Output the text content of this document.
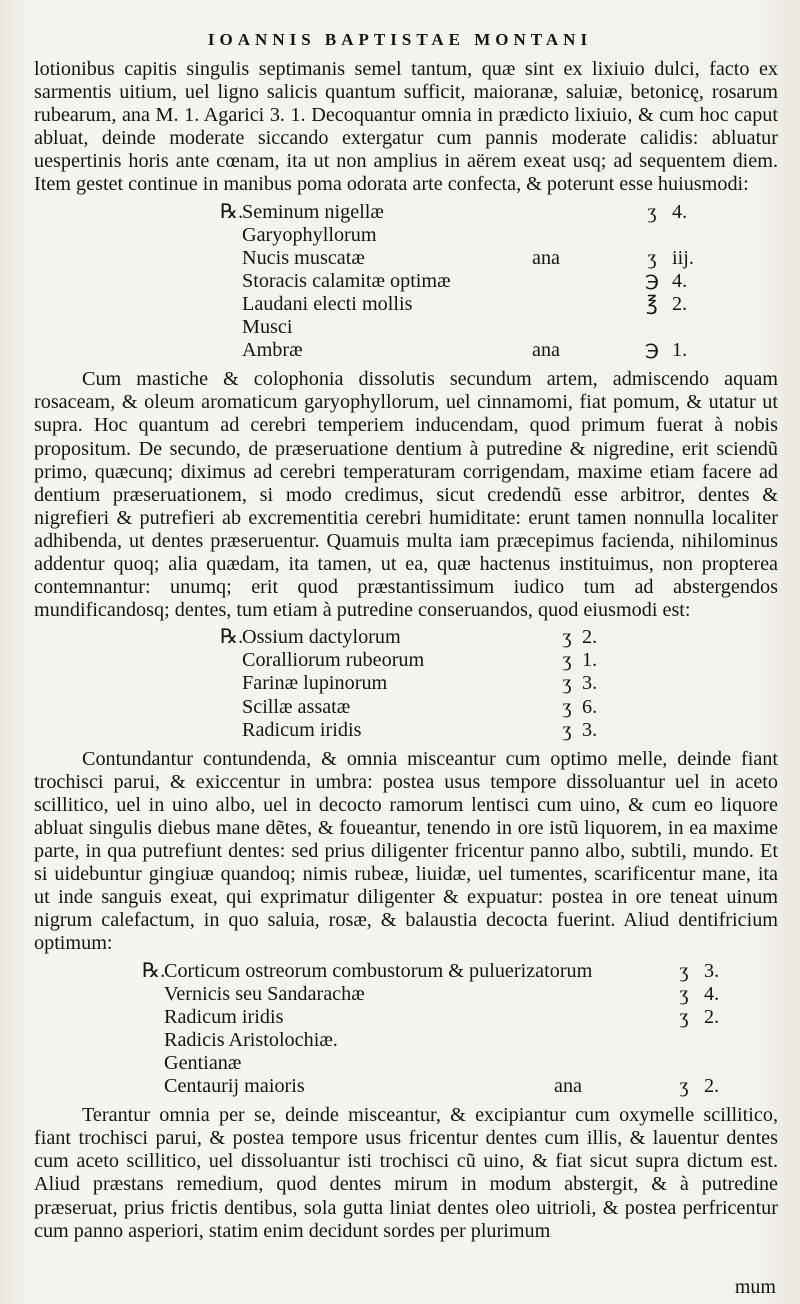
IOANNIS BAPTISTAE MONTANI

lotionibus capitis singulis septimanis semel tantum, quæ sint ex lixiuio dulci, facto ex sarmentis uitium, uel ligno salicis quantum sufficit, maioranæ, saluiæ, betonicę, rosarum rubearum, ana M. 1. Agarici 3. 1. Decoquantur omnia in prædicto lixiuio, & cum hoc caput abluat, deinde moderate siccando extergatur cum pannis moderate calidis: abluatur uespertinis horis ante cœnam, ita ut non amplius in aërem exeat usq; ad sequentem diem. Item gestet continue in manibus poma odorata arte confecta, & poterunt esse huiusmodi:

℞.
Seminum nigellæ	ʒ 4.
Garyophyllorum
Nucis muscatæ	ana	ʒ iij.
Storacis calamitæ optimæ	℈ 4.
Laudani electi mollis	℥ 2.
Musci
Ambræ	ana	℈ 1.

Cum mastiche & colophonia dissolutis secundum artem, admiscendo aquam rosaceam, & oleum aromaticum garyophyllorum, uel cinnamomi, fiat pomum, & utatur ut supra. Hoc quantum ad cerebri temperiem inducendam, quod primum fuerat à nobis propositum. De secundo, de præseruatione dentium à putredine & nigredine, erit sciendũ primo, quæcunq; diximus ad cerebri temperaturam corrigendam, maxime etiam facere ad dentium præseruationem, si modo credimus, sicut credendũ esse arbitror, dentes & nigrefieri & putrefieri ab excrementitia cerebri humiditate: erunt tamen nonnulla localiter adhibenda, ut dentes præseruentur. Quamuis multa iam præcepimus facienda, nihilominus addentur quoq; alia quædam, ita tamen, ut ea, quæ hactenus instituimus, non propterea contemnantur: unumq; erit quod præstantissimum iudico tum ad abstergendos mundificandosq; dentes, tum etiam à putredine conseruandos, quod eiusmodi est:

℞.
Ossium dactylorum	ʒ 2.
Coralliorum rubeorum	ʒ 1.
Farinæ lupinorum	ʒ 3.
Scillæ assatæ	ʒ 6.
Radicum iridis	ʒ 3.

Contundantur contundenda, & omnia misceantur cum optimo melle, deinde fiant trochisci parui, & exiccentur in umbra: postea usus tempore dissoluantur uel in aceto scillitico, uel in uino albo, uel in decocto ramorum lentisci cum uino, & cum eo liquore abluat singulis diebus mane dẽtes, & foueantur, tenendo in ore istũ liquorem, in ea maxime parte, in qua putrefiunt dentes: sed prius diligenter fricentur panno albo, subtili, mundo. Et si uidebuntur gingiuæ quandoq; nimis rubeæ, liuidæ, uel tumentes, scarificentur mane, ita ut inde sanguis exeat, qui exprimatur diligenter & expuatur: postea in ore teneat uinum nigrum calefactum, in quo saluia, rosæ, & balaustia decocta fuerint. Aliud dentifricium optimum:

℞.
Corticum ostreorum combustorum & puluerizatorum	ʒ 3.
Vernicis seu Sandarachæ	ʒ 4.
Radicum iridis	ʒ 2.
Radicis Aristolochiæ.
Gentianæ
Centaurij maioris	ana	ʒ 2.

Terantur omnia per se, deinde misceantur, & excipiantur cum oxymelle scillitico, fiant trochisci parui, & postea tempore usus fricentur dentes cum illis, & lauentur dentes cum aceto scillitico, uel dissoluantur isti trochisci cũ uino, & fiat sicut supra dictum est. Aliud præstans remedium, quod dentes mirum in modum abstergit, & à putredine præseruat, prius frictis dentibus, sola gutta liniat dentes oleo uitrioli, & postea perfricentur cum panno asperiori, statim enim decidunt sordes per plurimum

mum
